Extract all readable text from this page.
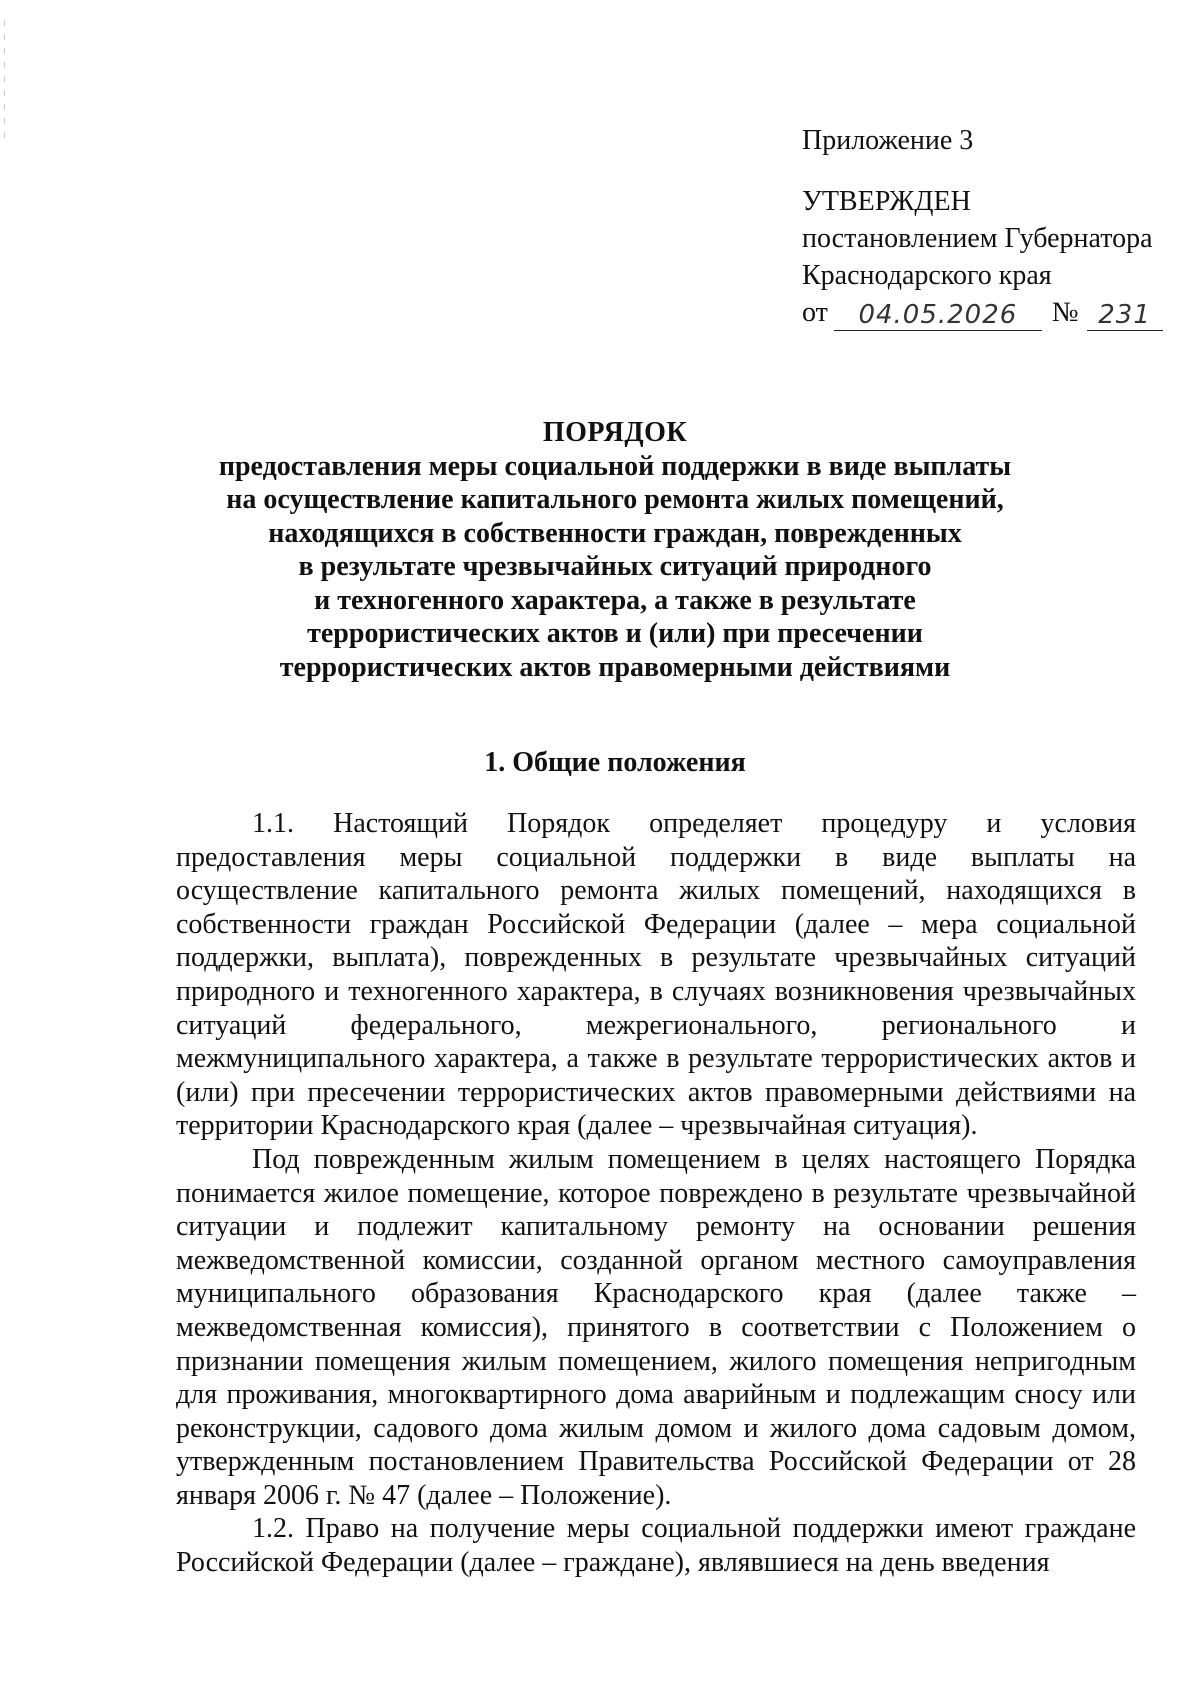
Приложение 3
УТВЕРЖДЕН
постановлением Губернатора
Краснодарского края
от	04.05.2026	№ 231
ПОРЯДОК
предоставления меры социальной поддержки в виде выплаты
на осуществление капитального ремонта жилых помещений,
находящихся в собственности граждан, поврежденных
в результате чрезвычайных ситуаций природного
и техногенного характера, а также в результате
террористических актов и (или) при пресечении
террористических актов правомерными действиями
1. Общие положения

1.1. Настоящий Порядок определяет процедуру и условия предоставления меры социальной поддержки в виде выплаты на осуществление капитального ремонта жилых помещений, находящихся в собственности граждан Российской Федерации (далее – мера социальной поддержки, выплата), поврежденных в результате чрезвычайных ситуаций природного и техногенного характера, в случаях возникновения чрезвычайных ситуаций федерального, межрегионального, регионального и межмуниципального характера, а также в результате террористических актов и (или) при пресечении террористических актов правомерными действиями на территории Краснодарского края (далее – чрезвычайная ситуация).

Под поврежденным жилым помещением в целях настоящего Порядка понимается жилое помещение, которое повреждено в результате чрезвычайной ситуации и подлежит капитальному ремонту на основании решения межведомственной комиссии, созданной органом местного самоуправления муниципального образования Краснодарского края (далее также – межведомственная комиссия), принятого в соответствии с Положением о признании помещения жилым помещением, жилого помещения непригодным для проживания, многоквартирного дома аварийным и подлежащим сносу или реконструкции, садового дома жилым домом и жилого дома садовым домом, утвержденным постановлением Правительства Российской Федерации от 28 января 2006 г. № 47 (далее – Положение).

1.2. Право на получение меры социальной поддержки имеют граждане Российской Федерации (далее – граждане), являвшиеся на день введения
